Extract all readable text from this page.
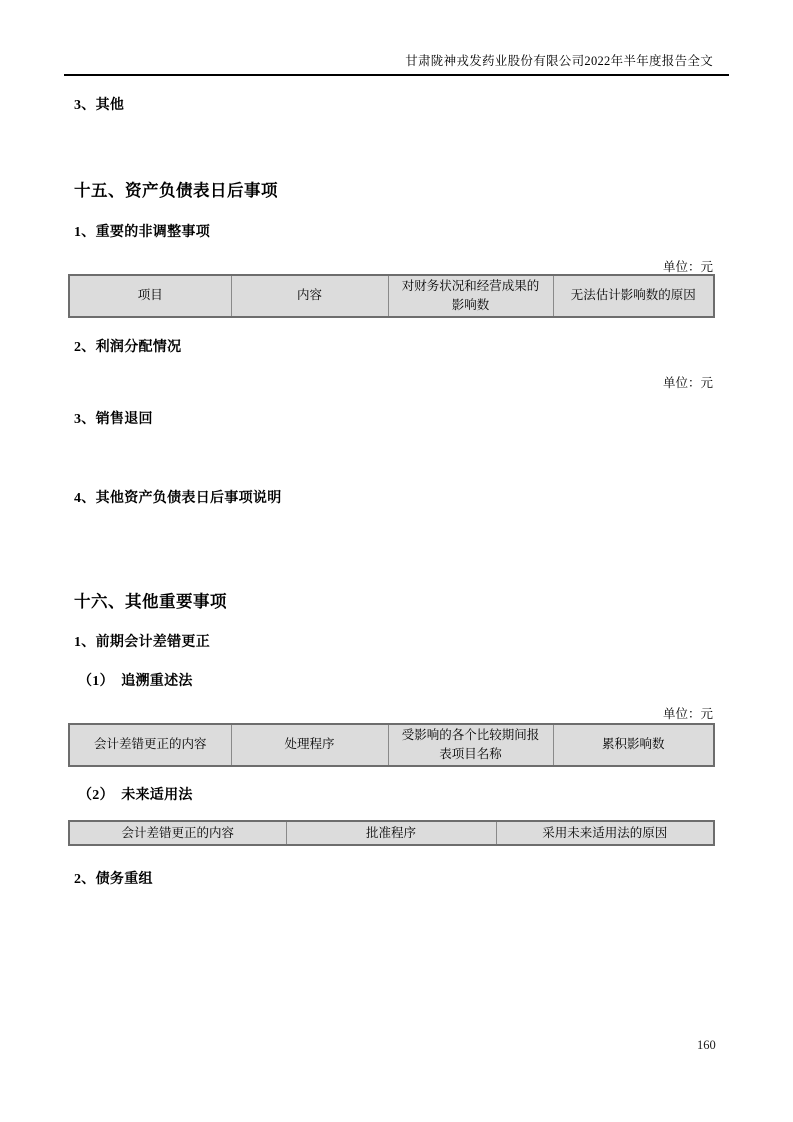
甘肃陇神戎发药业股份有限公司2022年半年度报告全文
3、其他
十五、资产负债表日后事项
1、重要的非调整事项
单位：元
项目	内容	对财务状况和经营成果的影响数	无法估计影响数的原因
2、利润分配情况
单位：元
3、销售退回
4、其他资产负债表日后事项说明
十六、其他重要事项
1、前期会计差错更正
（1）　追溯重述法
单位：元
会计差错更正的内容	处理程序	受影响的各个比较期间报表项目名称	累积影响数
（2）　未来适用法
会计差错更正的内容	批准程序	采用未来适用法的原因
2、债务重组
160
